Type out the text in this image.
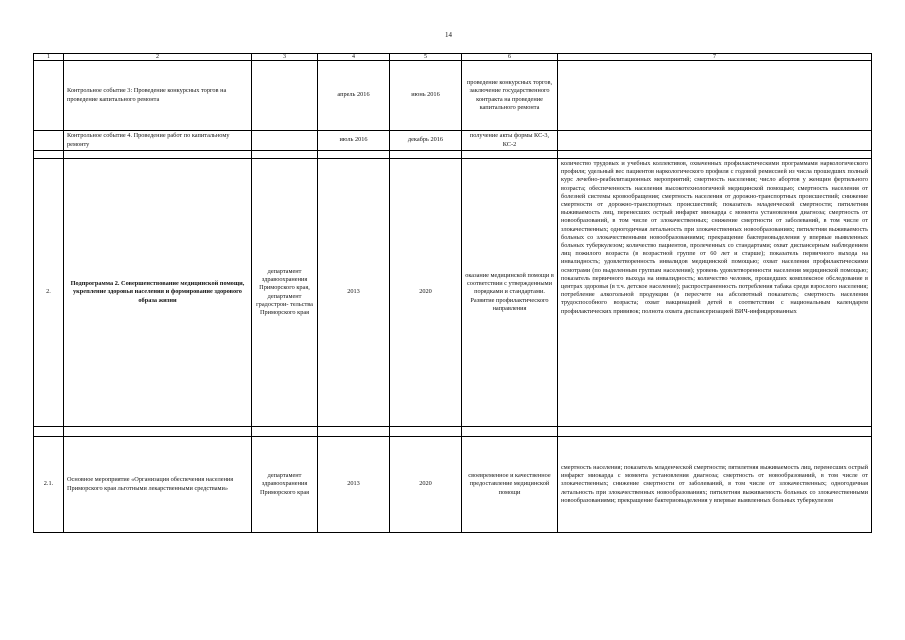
14
1	2	3	4	5	6	7
	Контрольное событие 3: Проведение конкурсных торгов на проведение капитального ремонта		апрель 2016	июнь 2016	проведение конкурсных торгов, заключение государственного контракта на проведение капитального ремонта	
	Контрольное событие 4. Проведение работ по капитальному ремонту		июль 2016	декабрь 2016	получение акты формы КС-3, КС-2	

2.	Подпрограмма 2. Совершенствование медицинской помощи, укрепление здоровья населения и формирование здорового образа жизни	департамент здравоохранения Приморского края, департамент градострои- тельства Приморского края	2013	2020	оказание медицинской помощи в соответствии с утвержденными порядками и стандартами. Развитие профилактического направления	количество трудовых и учебных коллективов, охваченных профилактическими программами наркологического профиля; удельный вес пациентов наркологического профиля с годовой ремиссией из числа прошедших полный курс лечебно-реабилитационных мероприятий; смертность населения; число абортов у женщин фертильного возраста; обеспеченность населения высокотехнологичной медицинской помощью; смертность населения от болезней системы кровообращения; смертность населения от дорожно-транспортных происшествий; снижение смертности от дорожно-транспортных происшествий; показатель младенческой смертности; пятилетняя выживаемость лиц, перенесших острый инфаркт миокарда с момента установления диагноза; смертность от новообразований, в том числе от злокачественных; снижение смертности от заболеваний, в том числе от злокачественных; одногодичная летальность при злокачественных новообразованиях; пятилетняя выживаемость больных со злокачественными новообразованиями; прекращение бактериовыделения у впервые выявленных больных туберкулезом; количество пациентов, пролеченных со стандартами; охват диспансерным наблюдением лиц пожилого возраста (в возрастной группе от 60 лет и старше); показатель первичного выхода на инвалидность; удовлетворенность инвалидов медицинской помощью; охват населения профилактическими осмотрами (по выделенным группам населения); уровень удовлетворенности населения медицинской помощью; показатель первичного выхода на инвалидность; количество человек, прошедших комплексное обследование в центрах здоровья (в т.ч. детское население); распространенность потребления табака среди взрослого населения; потребление алкогольной продукции (в пересчете на абсолютный показатель; смертность населения трудоспособного возраста; охват вакцинацией детей в соответствии с национальным календарем профилактических прививок; полнота охвата диспансеризацией ВИЧ-инфицированных

2.1.	Основное мероприятие «Организация обеспечения населения Приморского края льготными лекарственными средствами»	департамент здравоохранения Приморского края	2013	2020	своевременное и качественное предоставление медицинской помощи	смертность населения; показатель младенческой смертности; пятилетняя выживаемость лиц, перенесших острый инфаркт миокарда с момента установления диагноза; смертность от новообразований, в том числе от злокачественных; снижение смертности от заболеваний, в том числе от злокачественных; одногодичная летальность при злокачественных новообразованиях; пятилетняя выживаемость больных со злокачественными новообразованиями; прекращение бактериовыделения у впервые выявленных больных туберкулезом
